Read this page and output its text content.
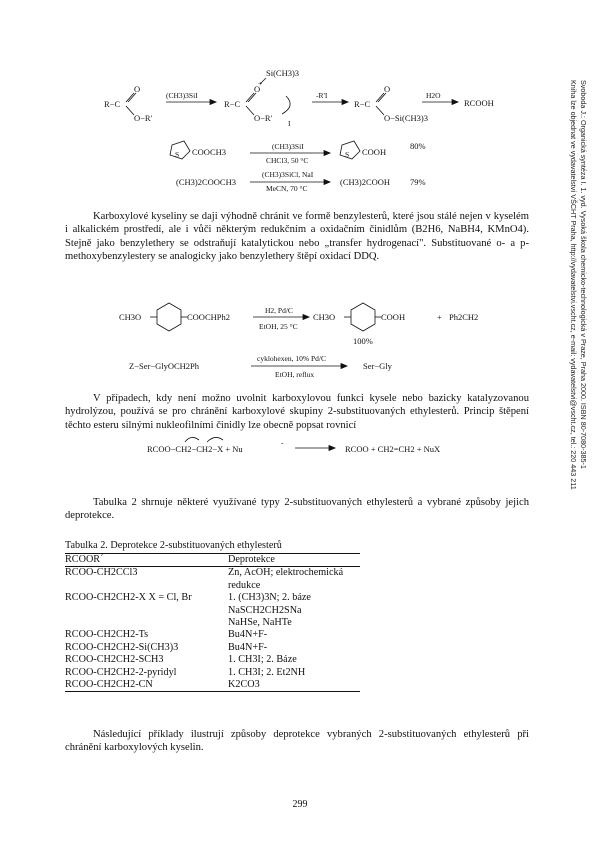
Svoboda J.: Organická syntéza I. 1. vyd. Vysoká škola chemicko-technologická v Praze, Praha 2000. ISBN 80-7080-385-1
Kniha lze objednat ve vydavatelství VŠCHT Praha, http://vydavatelstvi.vscht.cz, e-mail: vydavatelstvi@vscht.cz, tel.: 220 443 211
R−C
O
O−R'
(CH3)3SiI
R−C
O
+
Si(CH3)3
O−R'
I
-R'I
R−C
O
O−Si(CH3)3
H2O
RCOOH
S COOCH3
(CH3)3SiI
CHCl3, 50 °C
S COOH
80%
(CH3)2COOCH3
(CH3)3SiCl, NaI
MeCN, 70 °C
(CH3)2COOH 79%
Karboxylové kyseliny se daji výhodně chránit ve formě benzylesterů, které jsou stálé nejen v kyselém i alkalickém prostředí, ale i vůči některým redukčním a oxidačním činidlům (B2H6, NaBH4, KMnO4). Stejně jako benzylethery se odstraňují katalytickou nebo „transfer hydrogenací". Substituované o- a p-methoxybenzylestery se analogicky jako benzylethery štěpí oxidací DDQ.
CH3O	COOCHPh2
H2, Pd/C
EtOH, 25 °C
CH3O	COOH	+ Ph2CH2
100%
Z−Ser−GlyOCH2Ph
cyklohexen, 10% Pd/C
EtOH, reflux
Ser−Gly
V případech, kdy není možno uvolnit karboxylovou funkci kysele nebo bazicky katalyzovanou hydrolýzou, používá se pro chránění karboxylové skupiny 2-substituovaných ethylesterů. Princip štěpení těchto esteru silnými nukleofilními činidly lze obecně popsat rovnicí
RCOO−CH2−CH2−X + Nu
-
RCOO + CH2=CH2 + NuX
Tabulka 2 shrnuje některé využívané typy 2-substituovaných ethylesterů a vybrané způsoby jejich deprotekce.
Tabulka 2. Deprotekce 2-substituovaných ethylesterů
RCOOR´	Deprotekce
RCOO-CH2CCl3	Zn, AcOH; elektrochemická redukce
RCOO-CH2CH2-X X = Cl, Br	1. (CH3)3N; 2. báze
	NaSCH2CH2SNa
	NaHSe, NaHTe
RCOO-CH2CH2-Ts	Bu4N+F-
RCOO-CH2CH2-Si(CH3)3	Bu4N+F-
RCOO-CH2CH2-SCH3	1. CH3I; 2. Báze
RCOO-CH2CH2-2-pyridyl	1. CH3I; 2. Et2NH
RCOO-CH2CH2-CN	K2CO3
Následující příklady ilustrují způsoby deprotekce vybraných 2-substituovaných ethylesterů při chránění karboxylových kyselin.
299
